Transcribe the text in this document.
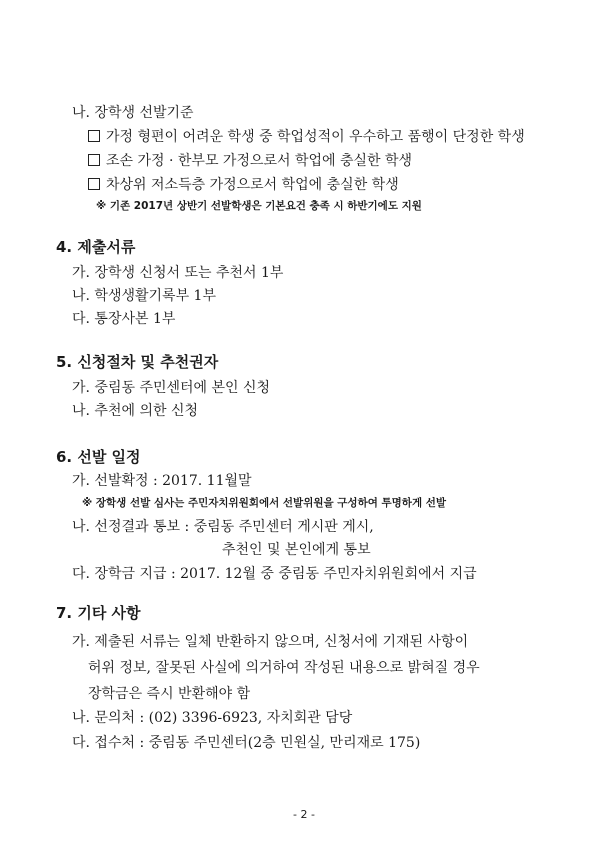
나. 장학생 선발기준
가정 형편이 어려운 학생 중 학업성적이 우수하고 품행이 단정한 학생
조손 가정 · 한부모 가정으로서 학업에 충실한 학생
차상위 저소득층 가정으로서 학업에 충실한 학생
※ 기존 2017년 상반기 선발학생은 기본요건 충족 시 하반기에도 지원
4. 제출서류
가. 장학생 신청서 또는 추천서 1부
나. 학생생활기록부 1부
다. 통장사본 1부
5. 신청절차 및 추천권자
가. 중림동 주민센터에 본인 신청
나. 추천에 의한 신청
6. 선발 일정
가. 선발확정 : 2017. 11월말
※ 장학생 선발 심사는 주민자치위원회에서 선발위원을 구성하여 투명하게 선발
나. 선정결과 통보 : 중림동 주민센터 게시판 게시,
추천인 및 본인에게 통보
다. 장학금 지급 : 2017. 12월 중 중림동 주민자치위원회에서 지급
7. 기타 사항
가. 제출된 서류는 일체 반환하지 않으며, 신청서에 기재된 사항이
허위 정보, 잘못된 사실에 의거하여 작성된 내용으로 밝혀질 경우
장학금은 즉시 반환해야 함
나. 문의처 : (02) 3396-6923, 자치회관 담당
다. 접수처 : 중림동 주민센터(2층 민원실, 만리재로 175)
- 2 -
